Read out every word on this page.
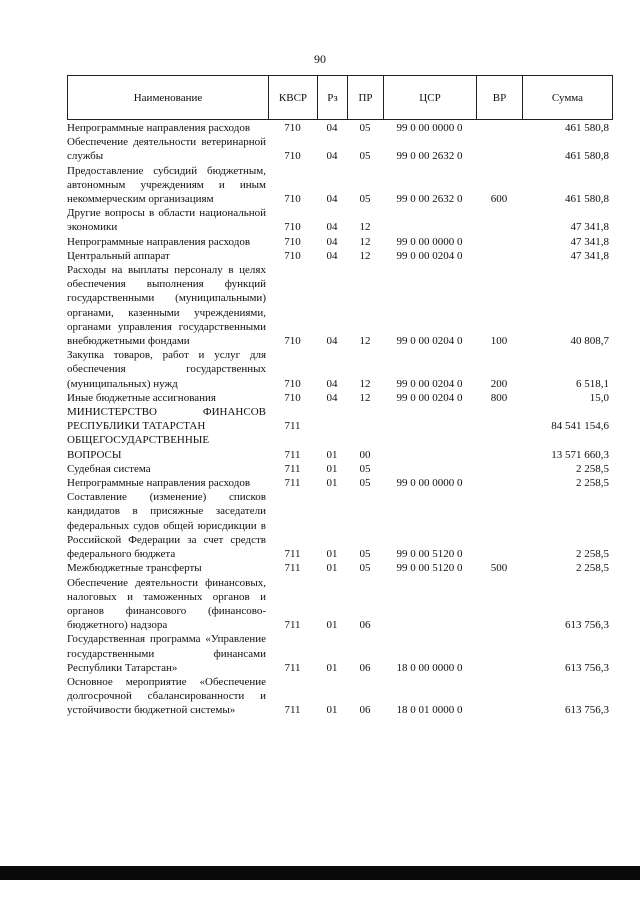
90
Наименование	КВСР	Рз	ПР	ЦСР	ВР	Сумма
Непрограммные направления расходов	710	04	05	99 0 00 0000 0		461 580,8
Обеспечение деятельности ветеринарной службы	710	04	05	99 0 00 2632 0		461 580,8
Предоставление субсидий бюджетным, автономным учреждениям и иным некоммерческим организациям	710	04	05	99 0 00 2632 0	600	461 580,8
Другие вопросы в области национальной экономики	710	04	12			47 341,8
Непрограммные направления расходов	710	04	12	99 0 00 0000 0		47 341,8
Центральный аппарат	710	04	12	99 0 00 0204 0		47 341,8
Расходы на выплаты персоналу в целях обеспечения выполнения функций государственными (муниципальными) органами, казенными учреждениями, органами управления государственными внебюджетными фондами	710	04	12	99 0 00 0204 0	100	40 808,7
Закупка товаров, работ и услуг для обеспечения государственных (муниципальных) нужд	710	04	12	99 0 00 0204 0	200	6 518,1
Иные бюджетные ассигнования	710	04	12	99 0 00 0204 0	800	15,0
МИНИСТЕРСТВО ФИНАНСОВ РЕСПУБЛИКИ ТАТАРСТАН	711					84 541 154,6
ОБЩЕГОСУДАРСТВЕННЫЕ ВОПРОСЫ	711	01	00			13 571 660,3
Судебная система	711	01	05			2 258,5
Непрограммные направления расходов	711	01	05	99 0 00 0000 0		2 258,5
Составление (изменение) списков кандидатов в присяжные заседатели федеральных судов общей юрисдикции в Российской Федерации за счет средств федерального бюджета	711	01	05	99 0 00 5120 0		2 258,5
Межбюджетные трансферты	711	01	05	99 0 00 5120 0	500	2 258,5
Обеспечение деятельности финансовых, налоговых и таможенных органов и органов финансового (финансово-бюджетного) надзора	711	01	06			613 756,3
Государственная программа «Управление государственными финансами Республики Татарстан»	711	01	06	18 0 00 0000 0		613 756,3
Основное мероприятие «Обеспечение долгосрочной сбалансированности и устойчивости бюджетной системы»	711	01	06	18 0 01 0000 0		613 756,3
